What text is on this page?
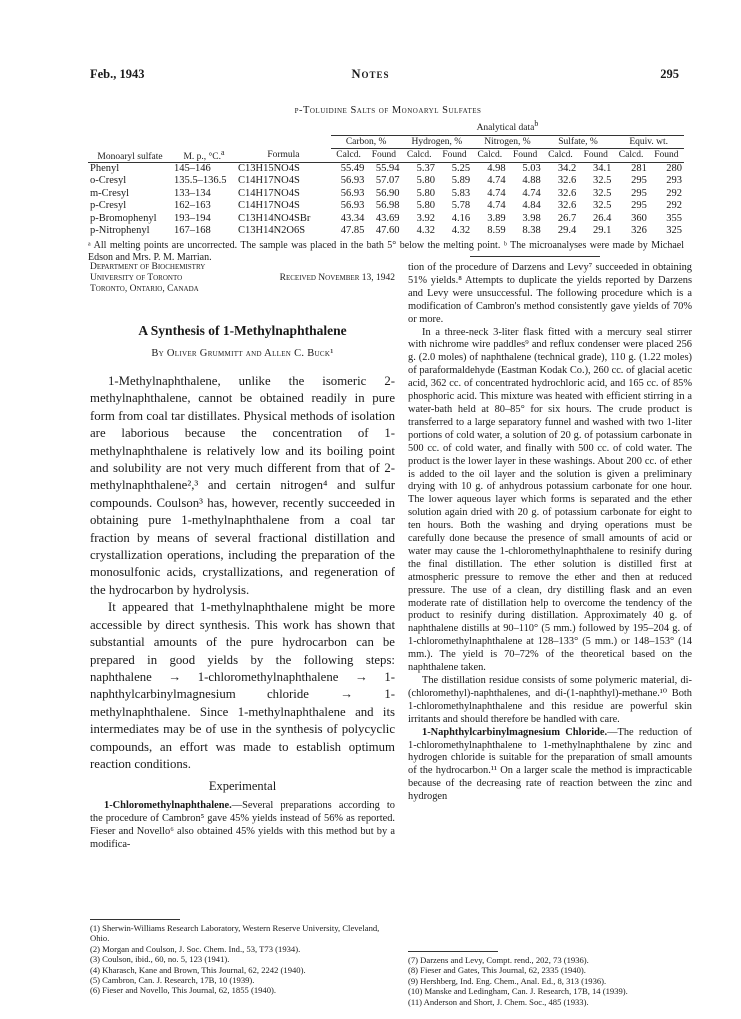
Feb., 1943	Notes	295
p-Toluidine Salts of Monoaryl Sulfates
Monoaryl sulfate	M. p., °C.$^a$	Formula	Analytical data$^b$
			Carbon, %		Hydrogen, %		Nitrogen, %		Sulfate, %		Equiv. wt.	
			Calcd.	Found	Calcd.	Found	Calcd.	Found	Calcd.	Found	Calcd.	Found
Phenyl	145–146	C13H15NO4S	55.49	55.94	5.37	5.25	4.98	5.03	34.2	34.1	281	280
o-Cresyl	135.5–136.5	C14H17NO4S	56.93	57.07	5.80	5.89	4.74	4.88	32.6	32.5	295	293
m-Cresyl	133–134	C14H17NO4S	56.93	56.90	5.80	5.83	4.74	4.74	32.6	32.5	295	292
p-Cresyl	162–163	C14H17NO4S	56.93	56.98	5.80	5.78	4.74	4.84	32.6	32.5	295	292
p-Bromophenyl	193–194	C13H14NO4SBr	43.34	43.69	3.92	4.16	3.89	3.98	26.7	26.4	360	355
p-Nitrophenyl	167–168	C13H14N2O6S	47.85	47.60	4.32	4.32	8.59	8.38	29.4	29.1	326	325
ᵃ All melting points are uncorrected. The sample was placed in the bath 5° below the melting point. ᵇ The microanalyses were made by Michael Edson and Mrs. P. M. Marrian.
Department of Biochemistry
University of Toronto
Toronto, Ontario, Canada
Received November 13, 1942
A Synthesis of 1-Methylnaphthalene
By Oliver Grummitt and Allen C. Buck¹

1-Methylnaphthalene, unlike the isomeric 2-methylnaphthalene, cannot be obtained readily in pure form from coal tar distillates. Physical methods of isolation are laborious because the concentration of 1-methylnaphthalene is relatively low and its boiling point and solubility are not very much different from that of 2-methylnaphthalene²,³ and certain nitrogen⁴ and sulfur compounds. Coulson³ has, however, recently succeeded in obtaining pure 1-methylnaphthalene from a coal tar fraction by means of several fractional distillation and crystallization operations, including the preparation of the monosulfonic acids, crystallizations, and regeneration of the hydrocarbon by hydrolysis.

It appeared that 1-methylnaphthalene might be more accessible by direct synthesis. This work has shown that substantial amounts of the pure hydrocarbon can be prepared in good yields by the following steps: naphthalene → 1-chloromethylnaphthalene → 1-naphthylcarbinylmagnesium chloride → 1-methylnaphthalene. Since 1-methylnaphthalene and its intermediates may be of use in the synthesis of polycyclic compounds, an effort was made to establish optimum reaction conditions.

Experimental

1-Chloromethylnaphthalene.—Several preparations according to the procedure of Cambron⁵ gave 45% yields instead of 56% as reported. Fieser and Novello⁶ also obtained 45% yields with this method but by a modifica-

tion of the procedure of Darzens and Levy⁷ succeeded in obtaining 51% yields.⁸ Attempts to duplicate the yields reported by Darzens and Levy were unsuccessful. The following procedure which is a modification of Cambron's method consistently gave yields of 70% or more.

In a three-neck 3-liter flask fitted with a mercury seal stirrer with nichrome wire paddles⁹ and reflux condenser were placed 256 g. (2.0 moles) of naphthalene (technical grade), 110 g. (1.22 moles) of paraformaldehyde (Eastman Kodak Co.), 260 cc. of glacial acetic acid, 362 cc. of concentrated hydrochloric acid, and 165 cc. of 85% phosphoric acid. This mixture was heated with efficient stirring in a water-bath held at 80–85° for six hours. The crude product is transferred to a large separatory funnel and washed with two 1-liter portions of cold water, a solution of 20 g. of potassium carbonate in 500 cc. of cold water, and finally with 500 cc. of cold water. The product is the lower layer in these washings. About 200 cc. of ether is added to the oil layer and the solution is given a preliminary drying with 10 g. of anhydrous potassium carbonate for one hour. The lower aqueous layer which forms is separated and the ether solution again dried with 20 g. of potassium carbonate for eight to ten hours. Both the washing and drying operations must be carefully done because the presence of small amounts of acid or water may cause the 1-chloromethylnaphthalene to resinify during the final distillation. The ether solution is distilled first at atmospheric pressure to remove the ether and then at reduced pressure. The use of a clean, dry distilling flask and an even moderate rate of distillation help to overcome the tendency of the product to resinify during distillation. Approximately 40 g. of naphthalene distills at 90–110° (5 mm.) followed by 195–204 g. of 1-chloromethylnaphthalene at 128–133° (5 mm.) or 148–153° (14 mm.). The yield is 70–72% of the theoretical based on the naphthalene taken.

The distillation residue consists of some polymeric material, di-(chloromethyl)-naphthalenes, and di-(1-naphthyl)-methane.¹⁰ Both 1-chloromethylnaphthalene and this residue are powerful skin irritants and should therefore be handled with care.

1-Naphthylcarbinylmagnesium Chloride.—The reduction of 1-chloromethylnaphthalene to 1-methylnaphthalene by zinc and hydrogen chloride is suitable for the preparation of small amounts of the hydrocarbon.¹¹ On a larger scale the method is impracticable because of the decreasing rate of reaction between the zinc and hydrogen

(1) Sherwin-Williams Research Laboratory, Western Reserve University, Cleveland, Ohio.

(2) Morgan and Coulson, J. Soc. Chem. Ind., 53, T73 (1934).

(3) Coulson, ibid., 60, no. 5, 123 (1941).

(4) Kharasch, Kane and Brown, This Journal, 62, 2242 (1940).

(5) Cambron, Can. J. Research, 17B, 10 (1939).

(6) Fieser and Novello, This Journal, 62, 1855 (1940).

(7) Darzens and Levy, Compt. rend., 202, 73 (1936).

(8) Fieser and Gates, This Journal, 62, 2335 (1940).

(9) Hershberg, Ind. Eng. Chem., Anal. Ed., 8, 313 (1936).

(10) Manske and Ledingham, Can. J. Research, 17B, 14 (1939).

(11) Anderson and Short, J. Chem. Soc., 485 (1933).
